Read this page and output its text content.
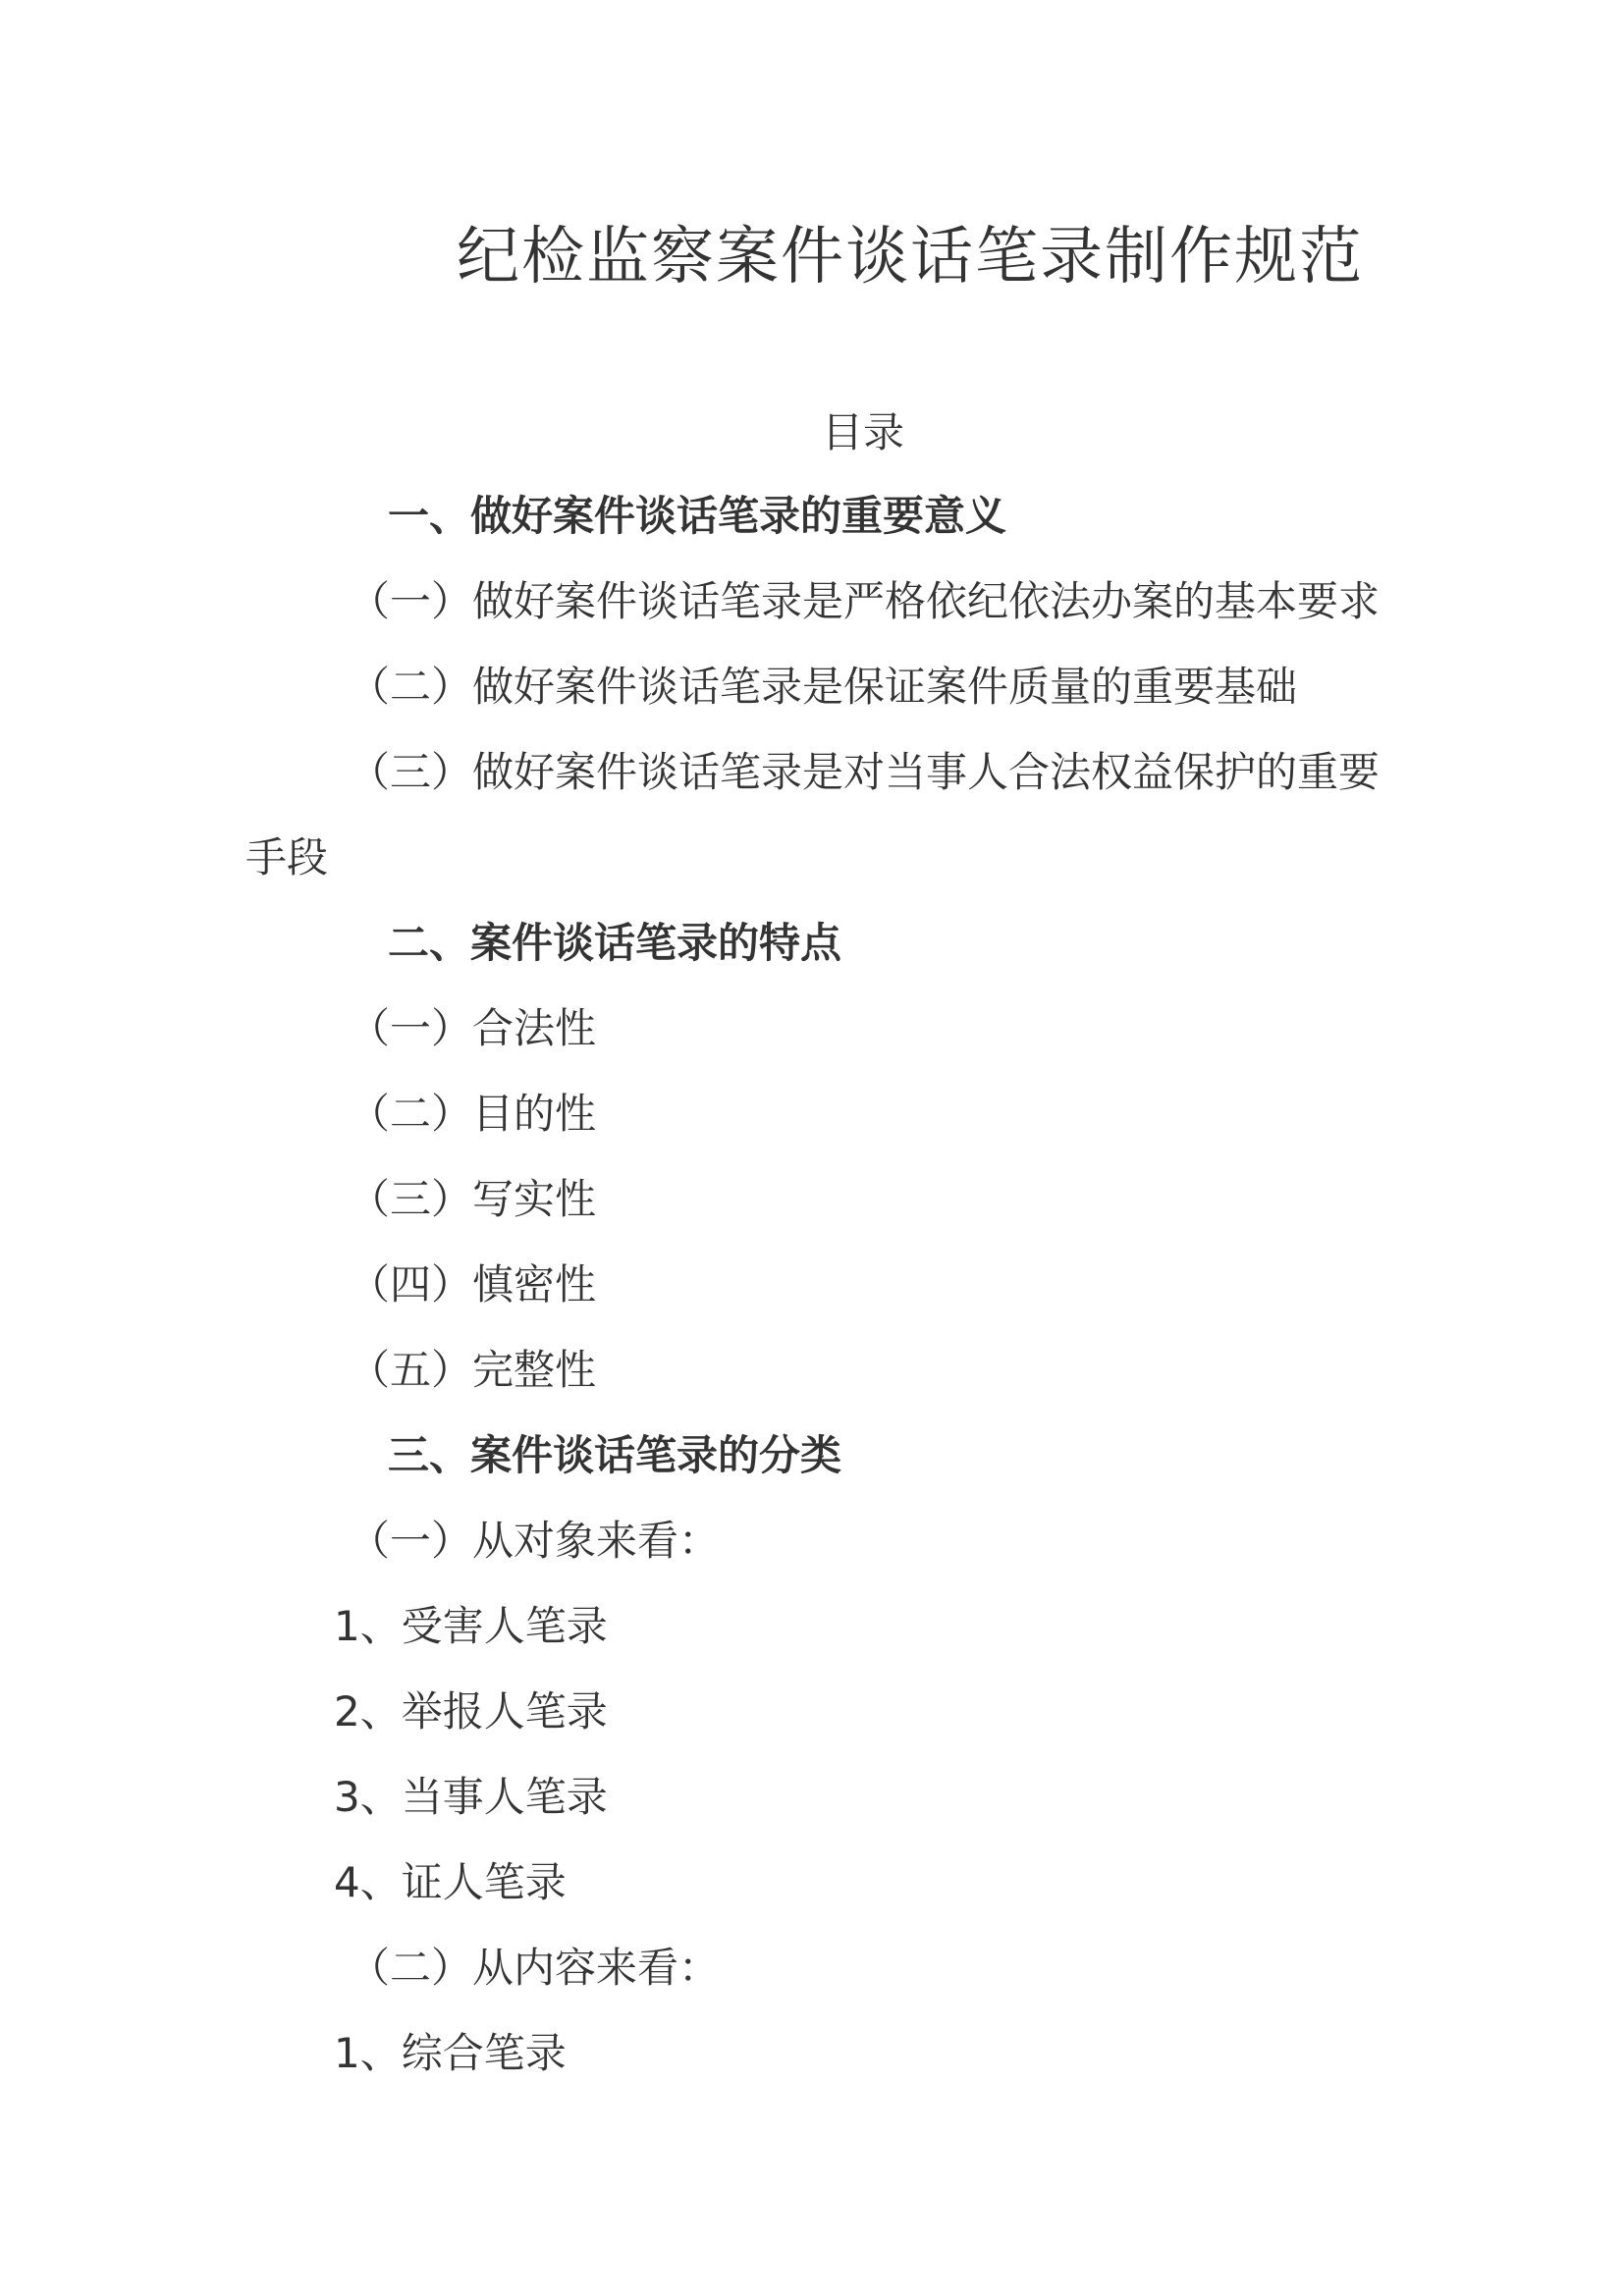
纪检监察案件谈话笔录制作规范
目录
一、做好案件谈话笔录的重要意义
（一）做好案件谈话笔录是严格依纪依法办案的基本要求
（二）做好案件谈话笔录是保证案件质量的重要基础
（三）做好案件谈话笔录是对当事人合法权益保护的重要
手段
二、案件谈话笔录的特点
（一）合法性
（二）目的性
（三）写实性
（四）慎密性
（五）完整性
三、案件谈话笔录的分类
（一）从对象来看：
1、受害人笔录
2、举报人笔录
3、当事人笔录
4、证人笔录
（二）从内容来看：
1、综合笔录
